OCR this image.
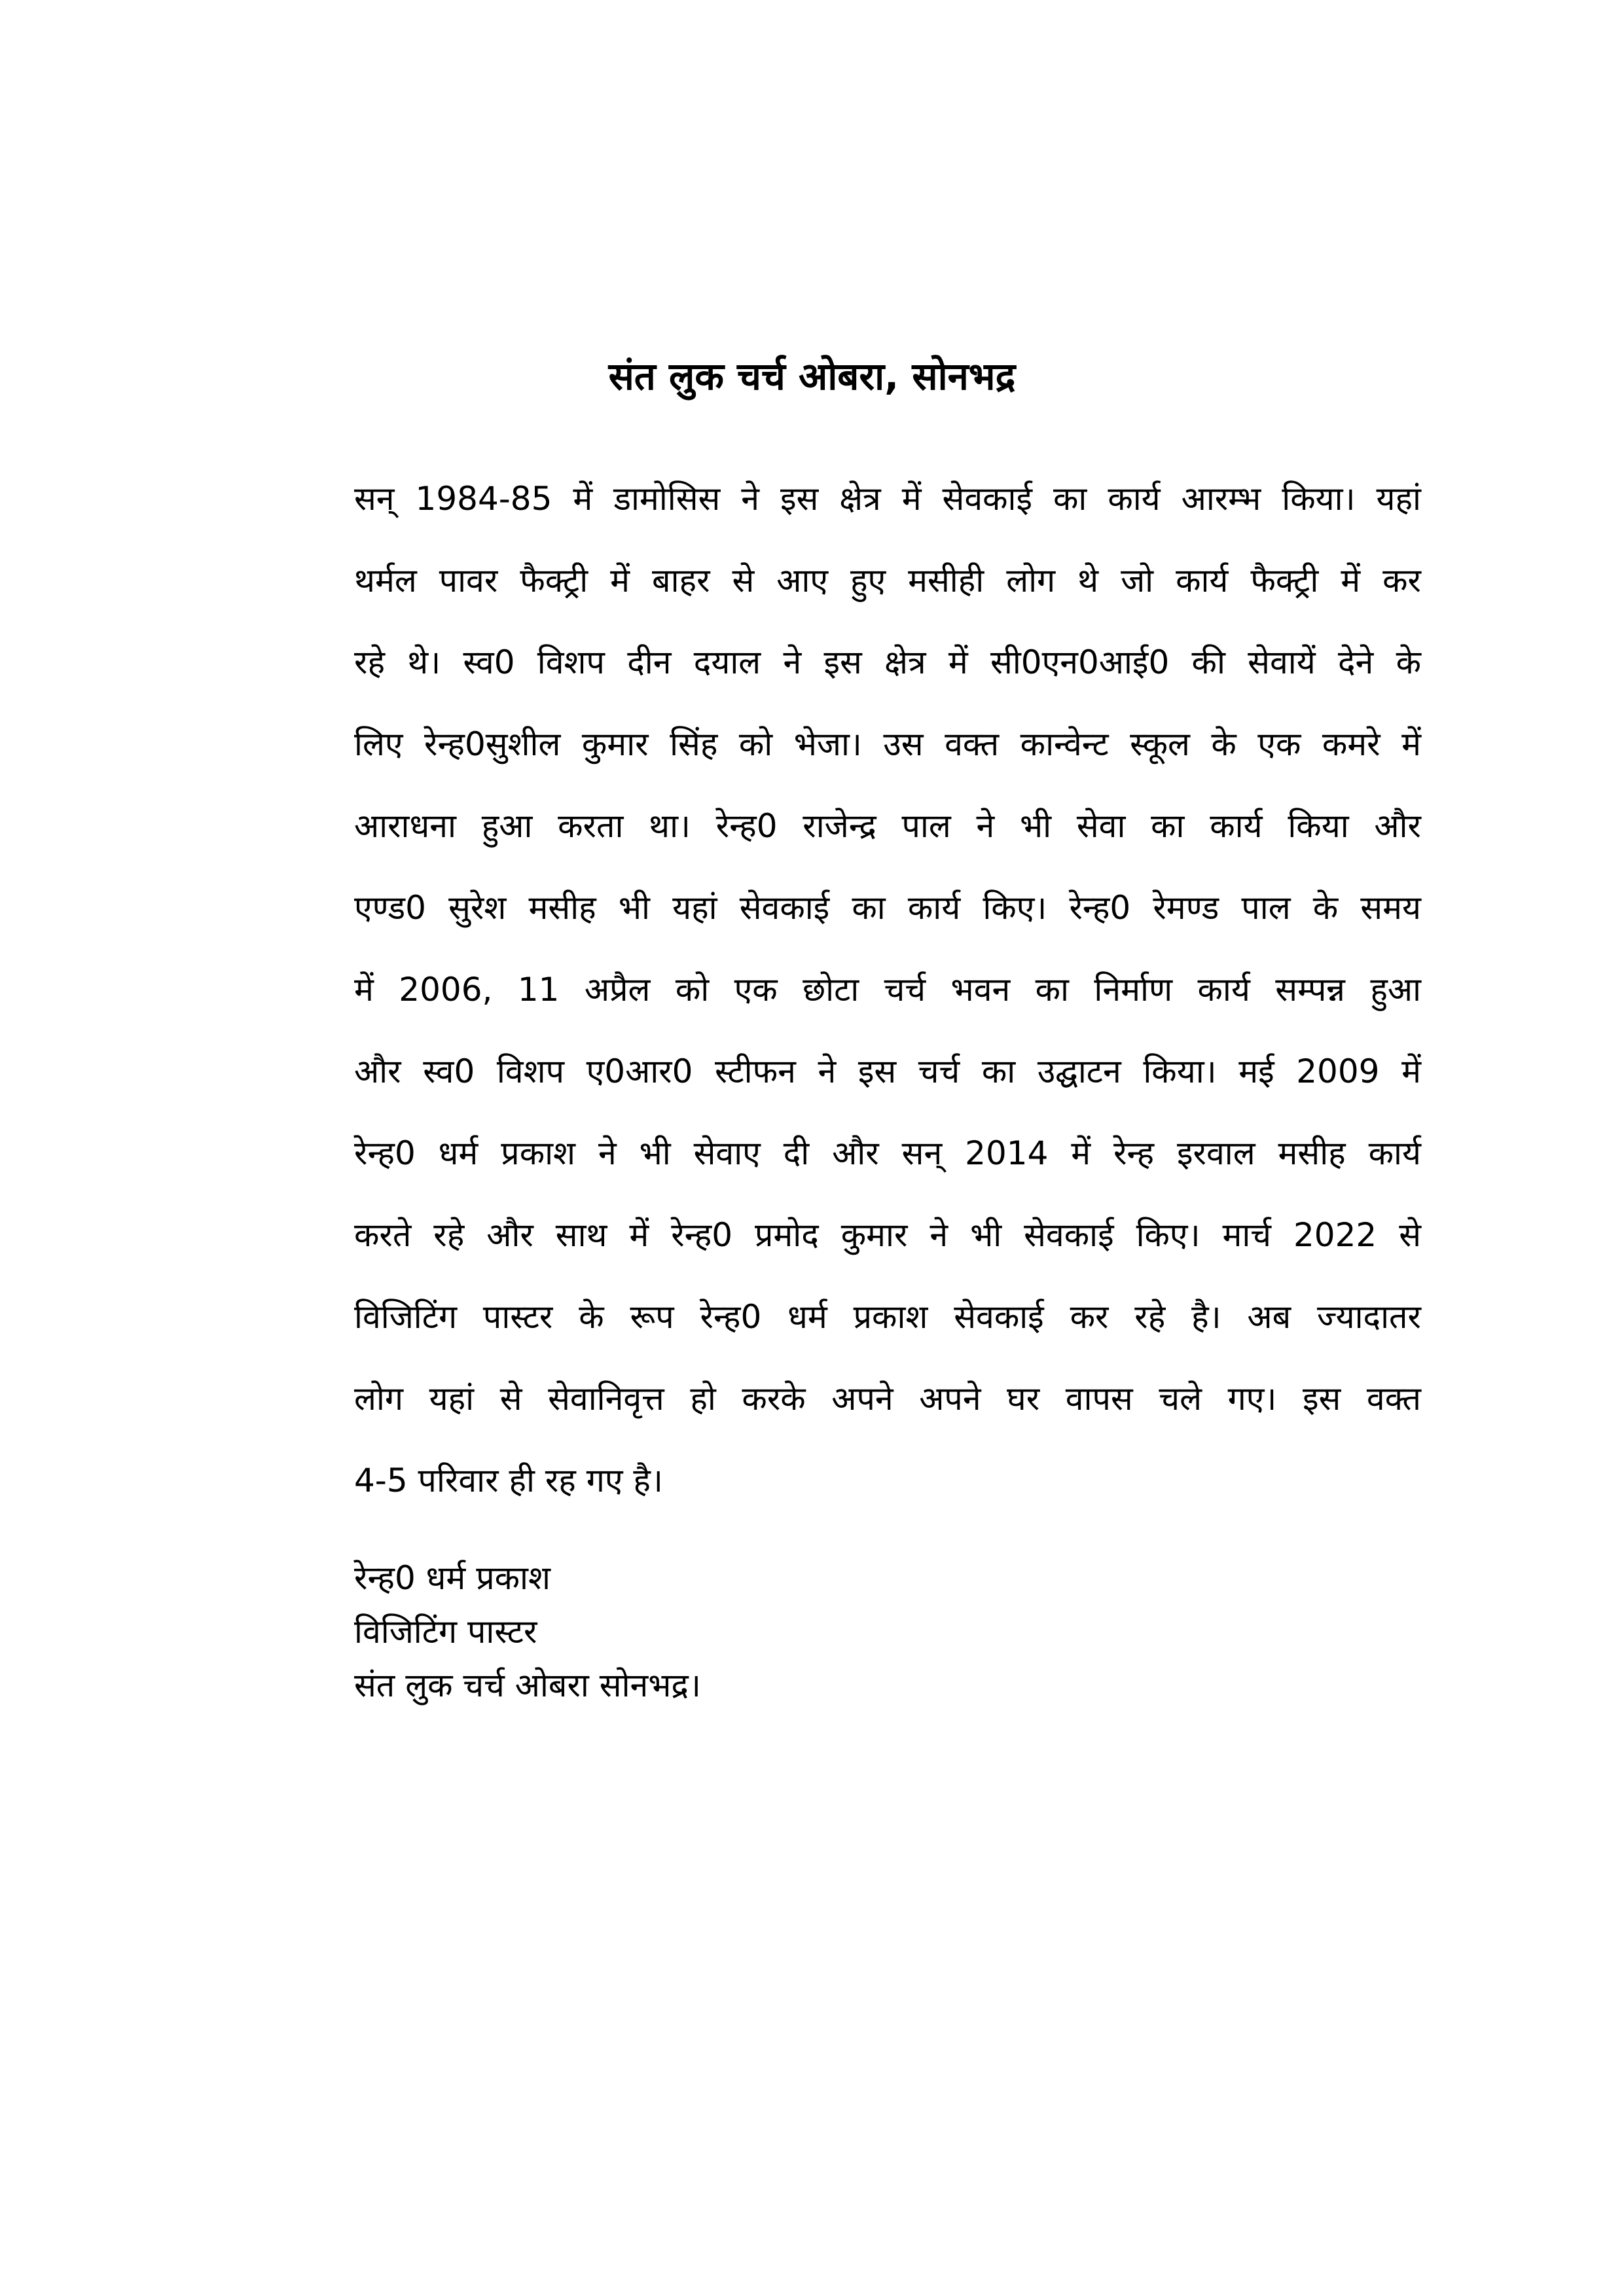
संत लुक चर्च ओबरा, सोनभद्र
सन् 1984-85 में डामोसिस ने इस क्षेत्र में सेवकाई का कार्य आरम्भ किया। यहां
थर्मल पावर फैक्ट्री में बाहर से आए हुए मसीही लोग थे जो कार्य फैक्ट्री में कर
रहे थे। स्व0 विशप दीन दयाल ने इस क्षेत्र में सी0एन0आई0 की सेवायें देने के
लिए रेन्ह0सुशील कुमार सिंह को भेजा। उस वक्त कान्वेन्ट स्कूल के एक कमरे में
आराधना हुआ करता था। रेन्ह0 राजेन्द्र पाल ने भी सेवा का कार्य किया और
एण्ड0 सुरेश मसीह भी यहां सेवकाई का कार्य किए। रेन्ह0 रेमण्ड पाल के समय
में 2006, 11 अप्रैल को एक छोटा चर्च भवन का निर्माण कार्य सम्पन्न हुआ
और स्व0 विशप ए0आर0 स्टीफन ने इस चर्च का उद्घाटन किया। मई 2009 में
रेन्ह0 धर्म प्रकाश ने भी सेवाए दी और सन् 2014 में रेन्ह इरवाल मसीह कार्य
करते रहे और साथ में रेन्ह0 प्रमोद कुमार ने भी सेवकाई किए। मार्च 2022 से
विजिटिंग पास्टर के रूप रेन्ह0 धर्म प्रकाश सेवकाई कर रहे है। अब ज्यादातर
लोग यहां से सेवानिवृत्त हो करके अपने अपने घर वापस चले गए। इस वक्त
4-5 परिवार ही रह गए है।
रेन्ह0 धर्म प्रकाश
विजिटिंग पास्टर
संत लुक चर्च ओबरा सोनभद्र।
